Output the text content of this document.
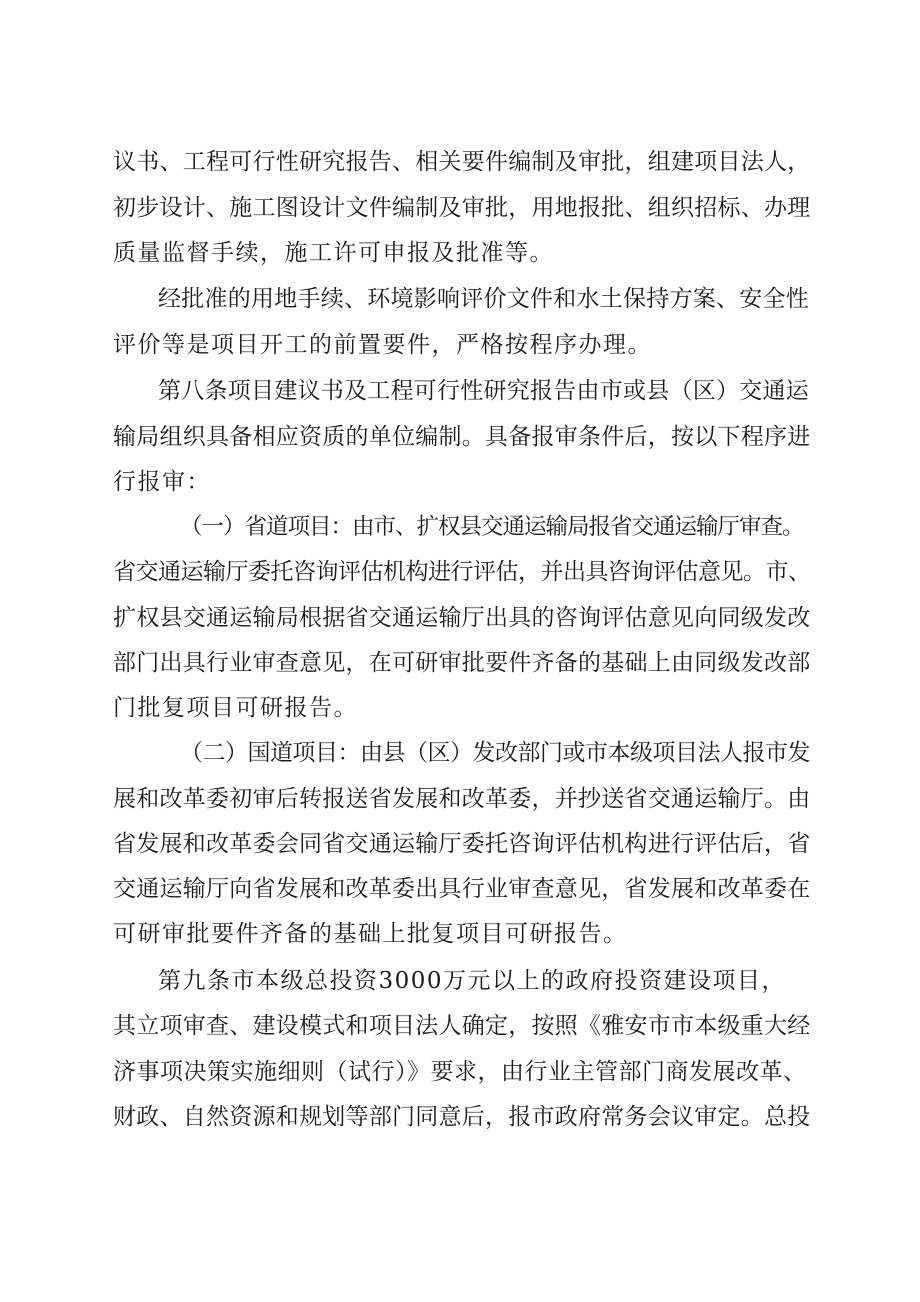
议书、工程可行性研究报告、相关要件编制及审批，组建项目法人，
初步设计、施工图设计文件编制及审批，用地报批、组织招标、办理
质量监督手续，施工许可申报及批准等。
经批准的用地手续、环境影响评价文件和水土保持方案、安全性
评价等是项目开工的前置要件，严格按程序办理。
第八条项目建议书及工程可行性研究报告由市或县（区）交通运
输局组织具备相应资质的单位编制。具备报审条件后，按以下程序进
行报审：
（一）省道项目：由市、扩权县交通运输局报省交通运输厅审查。
省交通运输厅委托咨询评估机构进行评估，并出具咨询评估意见。市、
扩权县交通运输局根据省交通运输厅出具的咨询评估意见向同级发改
部门出具行业审查意见，在可研审批要件齐备的基础上由同级发改部
门批复项目可研报告。
（二）国道项目：由县（区）发改部门或市本级项目法人报市发
展和改革委初审后转报送省发展和改革委，并抄送省交通运输厅。由
省发展和改革委会同省交通运输厅委托咨询评估机构进行评估后，省
交通运输厅向省发展和改革委出具行业审查意见，省发展和改革委在
可研审批要件齐备的基础上批复项目可研报告。
第九条市本级总投资3000万元以上的政府投资建设项目，
其立项审查、建设模式和项目法人确定，按照《雅安市市本级重大经
济事项决策实施细则（试行）》要求，由行业主管部门商发展改革、
财政、自然资源和规划等部门同意后，报市政府常务会议审定。总投
